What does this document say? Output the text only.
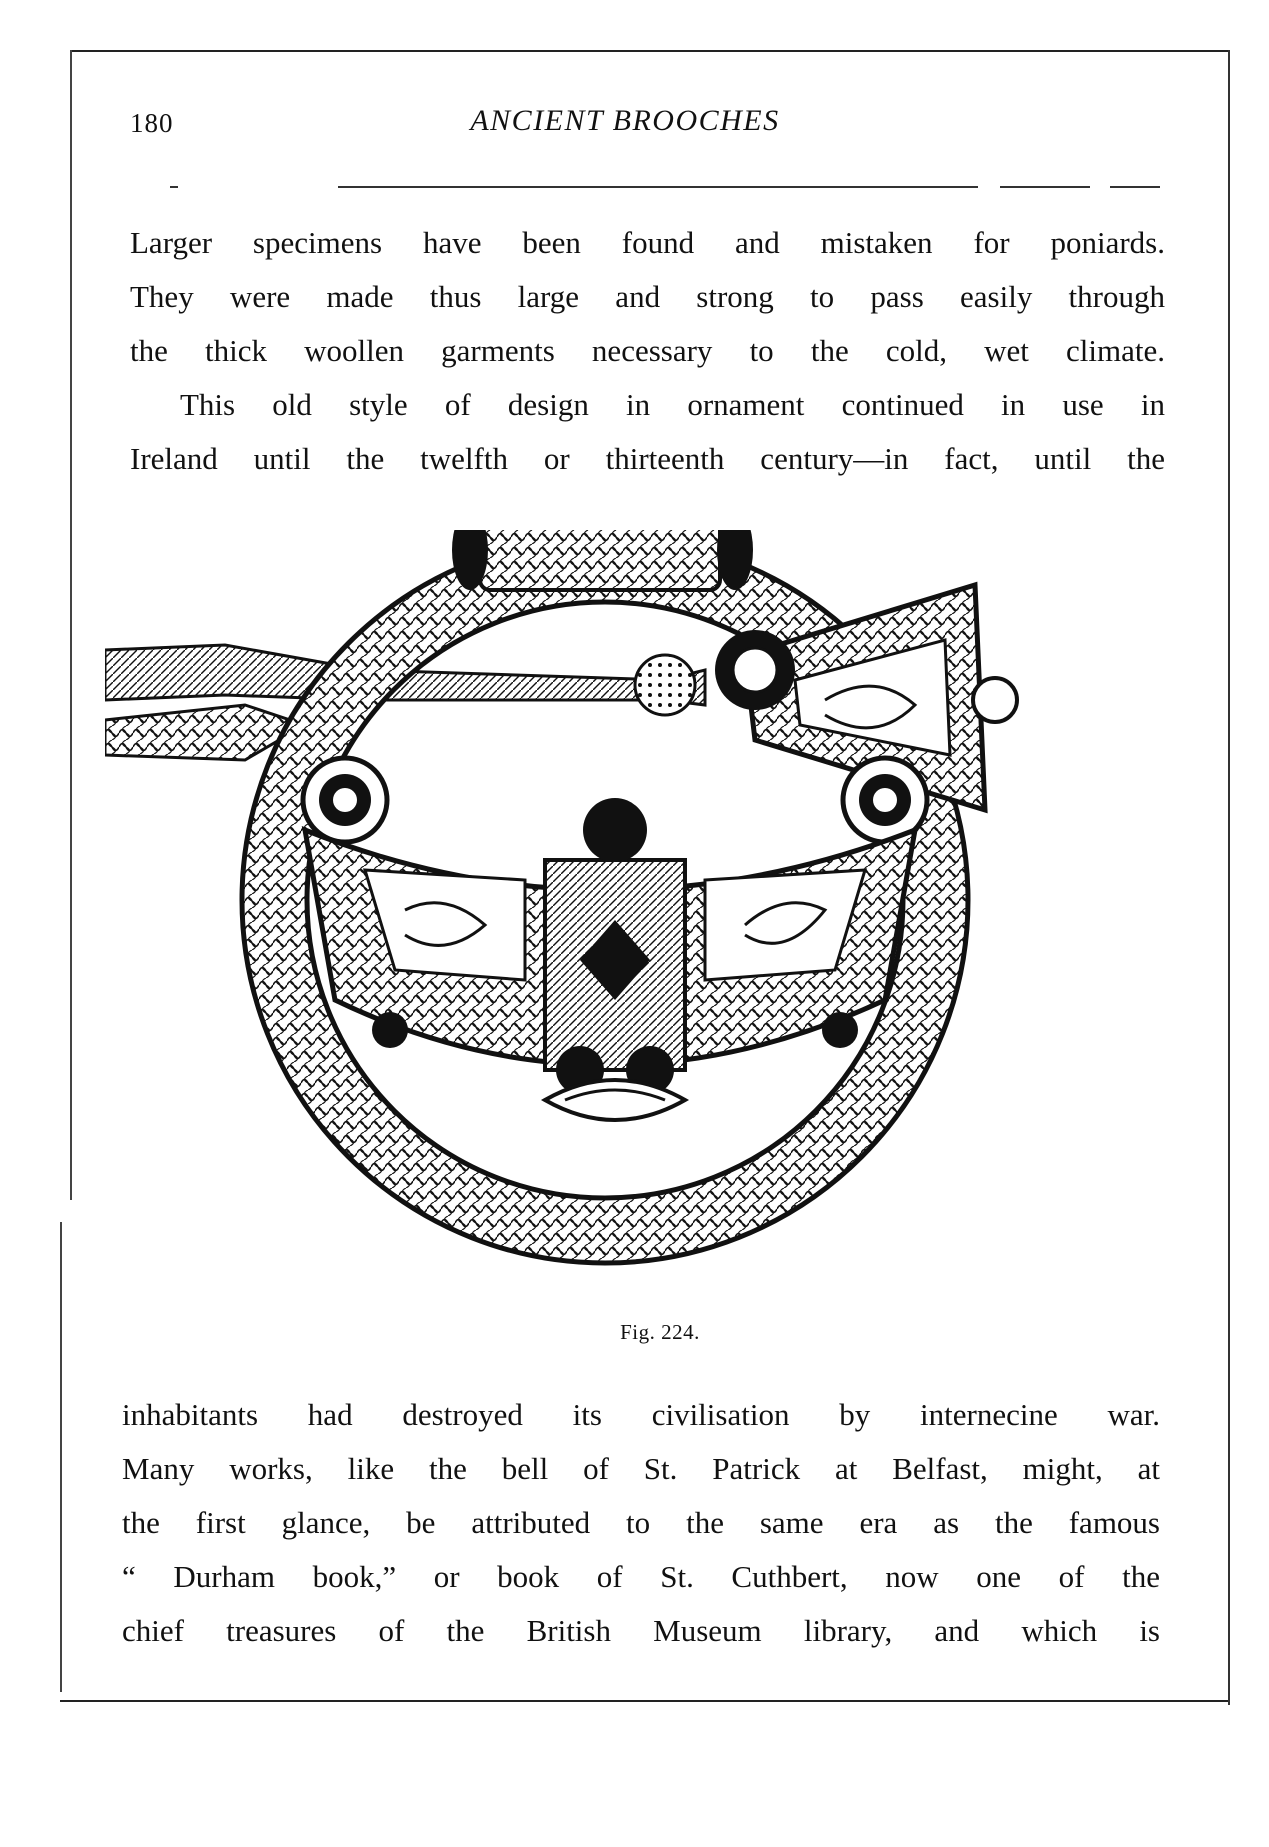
180	ANCIENT BROOCHES

Larger specimens have been found and mistaken for poniards.

They were made thus large and strong to pass easily through

the thick woollen garments necessary to the cold, wet climate.

This old style of design in ornament continued in use in

Ireland until the twelfth or thirteenth century—in fact, until the

Fig. 224.

inhabitants had destroyed its civilisation by internecine war.

Many works, like the bell of St. Patrick at Belfast, might, at

the first glance, be attributed to the same era as the famous

“ Durham book,” or book of St. Cuthbert, now one of the

chief treasures of the British Museum library, and which is
